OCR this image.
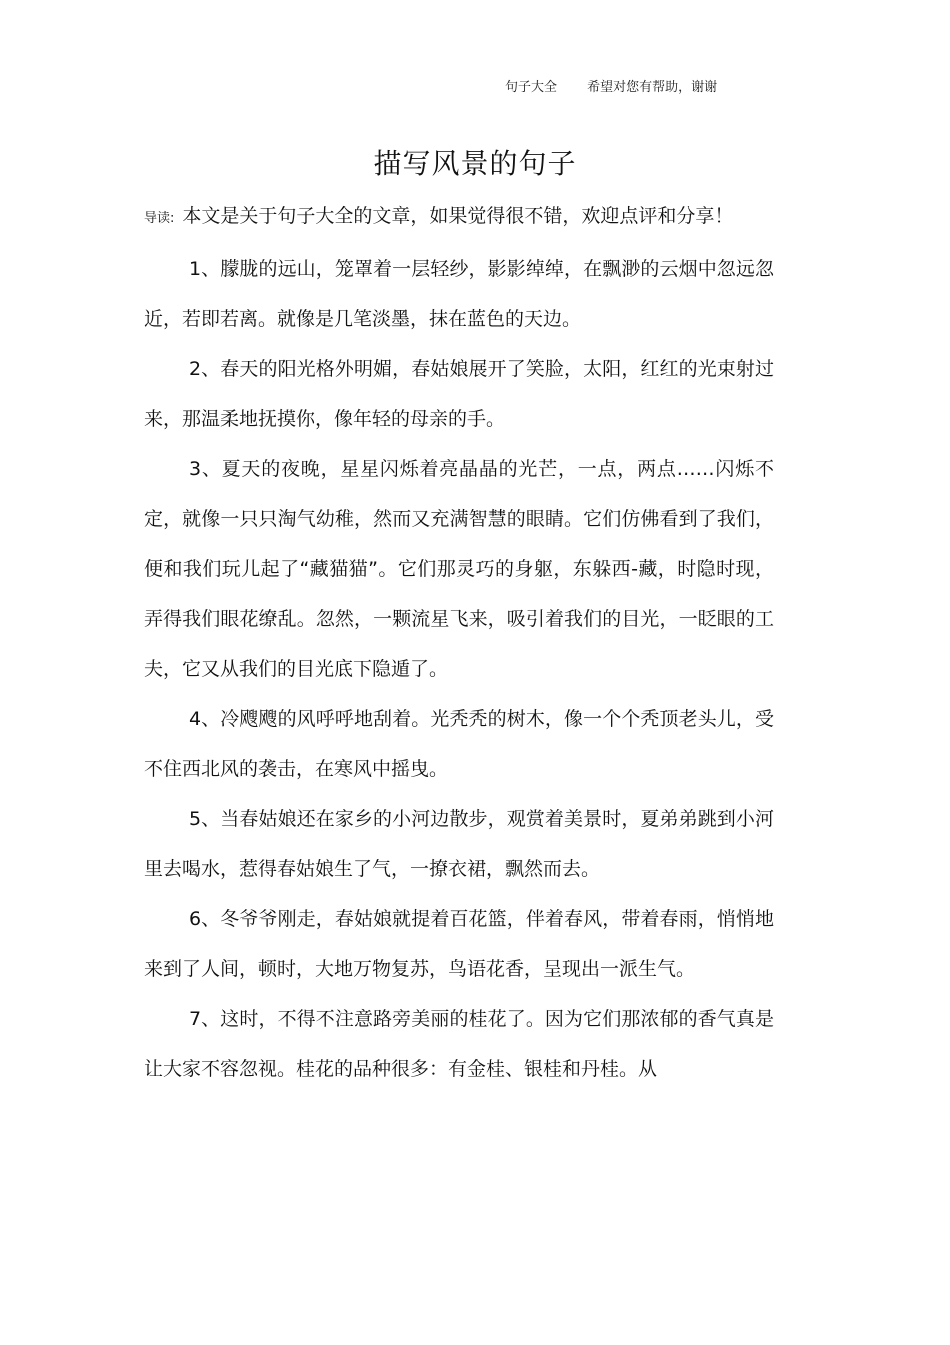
句子大全 希望对您有帮助，谢谢
描写风景的句子

导读: 本文是关于句子大全的文章，如果觉得很不错，欢迎点评和分享！

1、朦胧的远山，笼罩着一层轻纱，影影绰绰，在飘渺的云烟中忽远忽近，若即若离。就像是几笔淡墨，抹在蓝色的天边。

2、春天的阳光格外明媚，春姑娘展开了笑脸，太阳，红红的光束射过来，那温柔地抚摸你，像年轻的母亲的手。

3、夏天的夜晚，星星闪烁着亮晶晶的光芒，一点，两点……闪烁不定，就像一只只淘气幼稚，然而又充满智慧的眼睛。它们仿佛看到了我们，便和我们玩儿起了“藏猫猫”。它们那灵巧的身躯，东躲西-藏，时隐时现，弄得我们眼花缭乱。忽然，一颗流星飞来，吸引着我们的目光，一眨眼的工夫，它又从我们的目光底下隐遁了。

4、冷飕飕的风呼呼地刮着。光秃秃的树木，像一个个秃顶老头儿，受不住西北风的袭击，在寒风中摇曳。

5、当春姑娘还在家乡的小河边散步，观赏着美景时，夏弟弟跳到小河里去喝水，惹得春姑娘生了气，一撩衣裙，飘然而去。

6、冬爷爷刚走，春姑娘就提着百花篮，伴着春风，带着春雨，悄悄地来到了人间，顿时，大地万物复苏，鸟语花香，呈现出一派生气。

7、这时，不得不注意路旁美丽的桂花了。因为它们那浓郁的香气真是让大家不容忽视。桂花的品种很多：有金桂、银桂和丹桂。从
